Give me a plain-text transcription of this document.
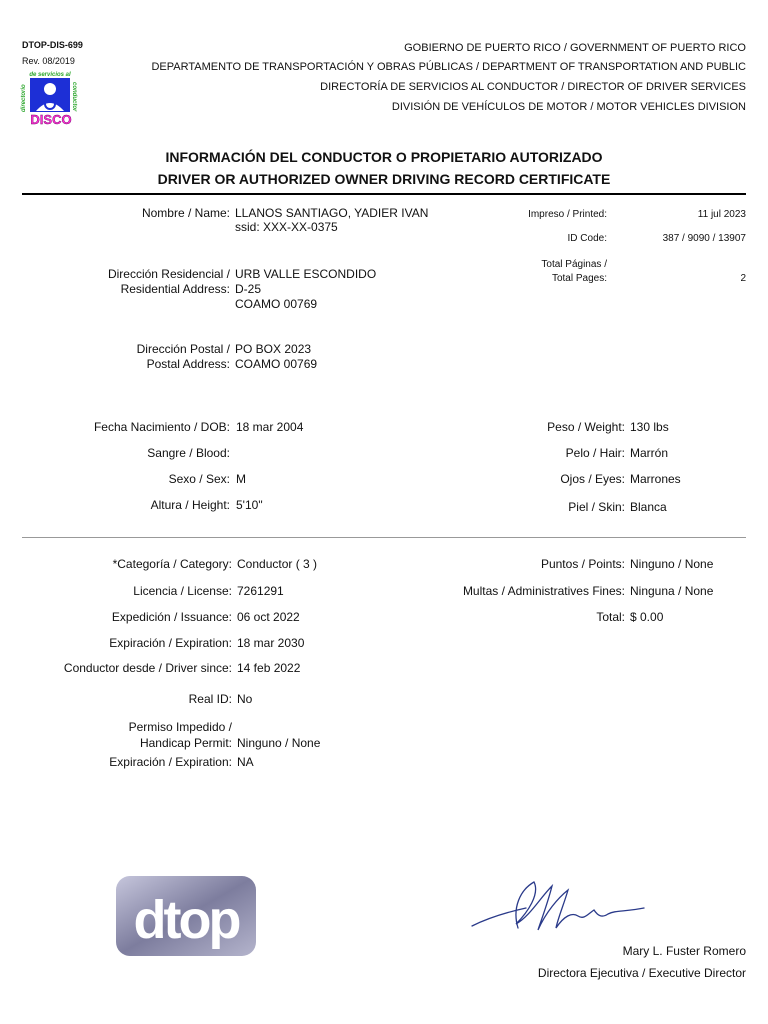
DTOP-DIS-699
Rev. 08/2019
de servicios al
directorio	conductor
DISCO
GOBIERNO DE PUERTO RICO / GOVERNMENT OF PUERTO RICO
DEPARTAMENTO DE TRANSPORTACIÓN Y OBRAS PÚBLICAS / DEPARTMENT OF TRANSPORTATION AND PUBLIC
DIRECTORÍA DE SERVICIOS AL CONDUCTOR / DIRECTOR OF DRIVER SERVICES
DIVISIÓN DE VEHÍCULOS DE MOTOR / MOTOR VEHICLES DIVISION
INFORMACIÓN DEL CONDUCTOR O PROPIETARIO AUTORIZADO
DRIVER OR AUTHORIZED OWNER DRIVING RECORD CERTIFICATE
Nombre / Name: LLANOS SANTIAGO, YADIER IVAN
ssid: XXX-XX-0375
Dirección Residencial /
Residential Address:
URB VALLE ESCONDIDO
D-25
COAMO 00769
Dirección Postal /
Postal Address:
PO BOX 2023
COAMO 00769
Impreso / Printed:	11 jul 2023
ID Code:	387 / 9090 / 13907
Total Páginas /
Total Pages:	2
Fecha Nacimiento / DOB: 18 mar 2004
Sangre / Blood:
Sexo / Sex: M
Altura / Height: 5'10"
Peso / Weight: 130 lbs
Pelo / Hair: Marrón
Ojos / Eyes: Marrones
Piel / Skin: Blanca
*Categoría / Category: Conductor ( 3 )
Licencia / License: 7261291
Expedición / Issuance: 06 oct 2022
Expiración / Expiration: 18 mar 2030
Conductor desde / Driver since: 14 feb 2022
Real ID: No
Permiso Impedido /
Handicap Permit: Ninguno / None
Expiración / Expiration: NA
Puntos / Points: Ninguno / None
Multas / Administratives Fines: Ninguna / None
Total: $ 0.00
dtop
Mary L. Fuster Romero
Directora Ejecutiva / Executive Director
